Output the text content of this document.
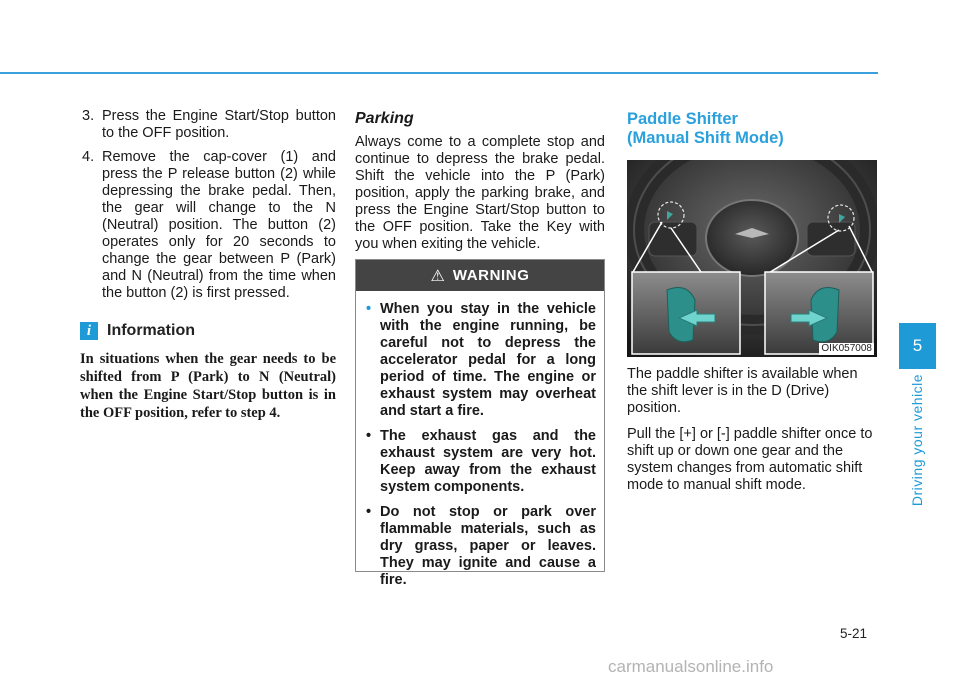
3. Press the Engine Start/Stop button to the OFF position.
4. Remove the cap-cover (1) and press the P release button (2) while depressing the brake pedal. Then, the gear will change to the N (Neutral) position. The button (2) operates only for 20 seconds to change the gear between P (Park) and N (Neutral) from the time when the button (2) is first pressed.
i Information
In situations when the gear needs to be shifted from P (Park) to N (Neutral) when the Engine Start/Stop button is in the OFF position, refer to step 4.
Parking

Always come to a complete stop and continue to depress the brake pedal. Shift the vehicle into the P (Park) position, apply the parking brake, and press the Engine Start/Stop button to the OFF position. Take the Key with you when exiting the vehicle.

⚠ WARNING
• When you stay in the vehicle with the engine running, be careful not to depress the accelerator pedal for a long period of time. The engine or exhaust system may overheat and start a fire.
• The exhaust gas and the exhaust system are very hot. Keep away from the exhaust system components.
• Do not stop or park over flammable materials, such as dry grass, paper or leaves. They may ignite and cause a fire.
Paddle Shifter
(Manual Shift Mode)
OIK057008

The paddle shifter is available when the shift lever is in the D (Drive) position.

Pull the [+] or [-] paddle shifter once to shift up or down one gear and the system changes from automatic shift mode to manual shift mode.

5
Driving your vehicle
5-21
carmanualsonline.info
